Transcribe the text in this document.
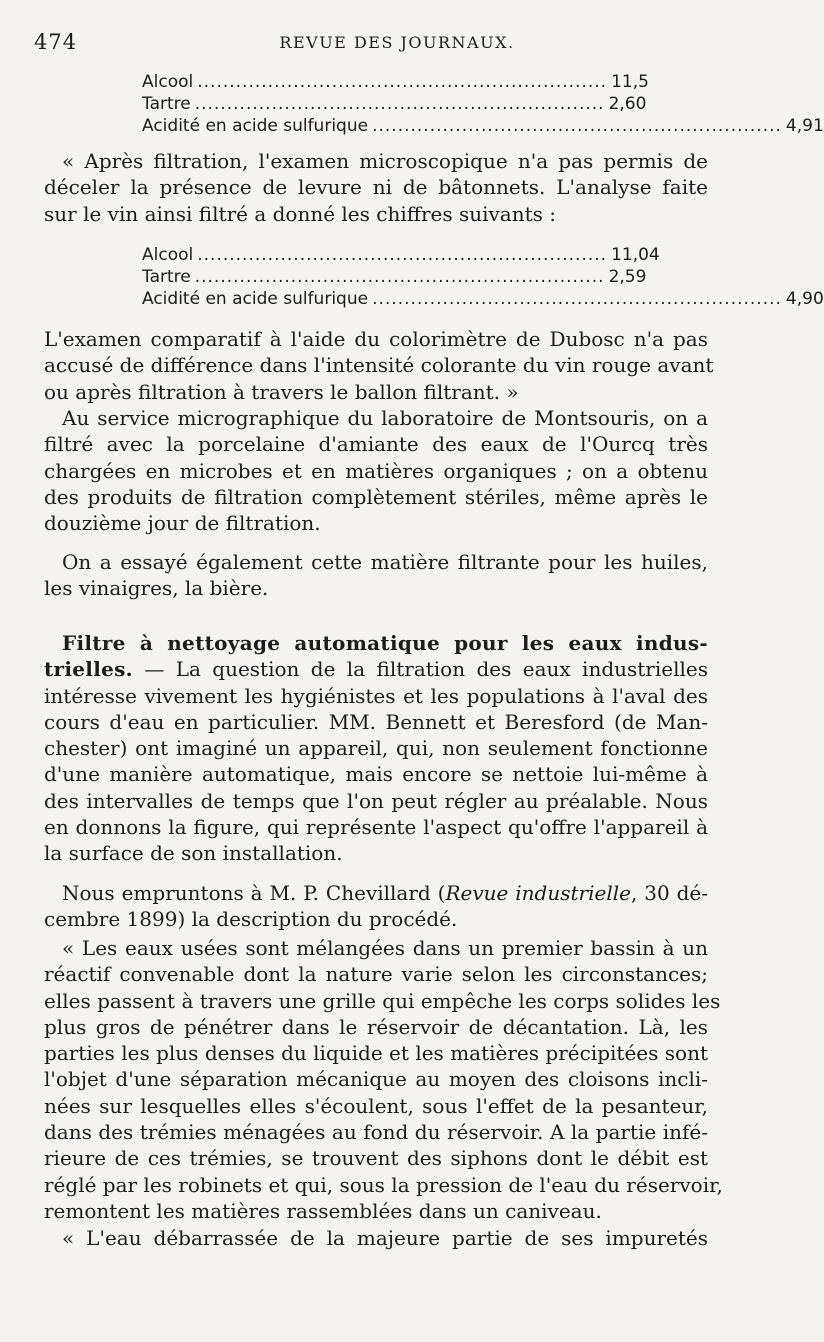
474	REVUE DES JOURNAUX.
Alcool ................................................................ 11,5
Tartre ................................................................ 2,60
Acidité en acide sulfurique ................................................................ 4,91

« Après filtration, l'examen microscopique n'a pas permis de
déceler la présence de levure ni de bâtonnets. L'analyse faite
sur le vin ainsi filtré a donné les chiffres suivants :

Alcool ................................................................ 11,04
Tartre ................................................................ 2,59
Acidité en acide sulfurique ................................................................ 4,90

L'examen comparatif à l'aide du colorimètre de Dubosc n'a pas
accusé de différence dans l'intensité colorante du vin rouge avant
ou après filtration à travers le ballon filtrant. »

Au service micrographique du laboratoire de Montsouris, on a
filtré avec la porcelaine d'amiante des eaux de l'Ourcq très
chargées en microbes et en matières organiques ; on a obtenu
des produits de filtration complètement stériles, même après le
douzième jour de filtration.

On a essayé également cette matière filtrante pour les huiles,
les vinaigres, la bière.

Filtre à nettoyage automatique pour les eaux indus-
trielles. — La question de la filtration des eaux industrielles
intéresse vivement les hygiénistes et les populations à l'aval des
cours d'eau en particulier. MM. Bennett et Beresford (de Man-
chester) ont imaginé un appareil, qui, non seulement fonctionne
d'une manière automatique, mais encore se nettoie lui-même à
des intervalles de temps que l'on peut régler au préalable. Nous
en donnons la figure, qui représente l'aspect qu'offre l'appareil à
la surface de son installation.

Nous empruntons à M. P. Chevillard (Revue industrielle, 30 dé-
cembre 1899) la description du procédé.

« Les eaux usées sont mélangées dans un premier bassin à un
réactif convenable dont la nature varie selon les circonstances;
elles passent à travers une grille qui empêche les corps solides les
plus gros de pénétrer dans le réservoir de décantation. Là, les
parties les plus denses du liquide et les matières précipitées sont
l'objet d'une séparation mécanique au moyen des cloisons incli-
nées sur lesquelles elles s'écoulent, sous l'effet de la pesanteur,
dans des trémies ménagées au fond du réservoir. A la partie infé-
rieure de ces trémies, se trouvent des siphons dont le débit est
réglé par les robinets et qui, sous la pression de l'eau du réservoir,
remontent les matières rassemblées dans un caniveau.

« L'eau débarrassée de la majeure partie de ses impuretés
